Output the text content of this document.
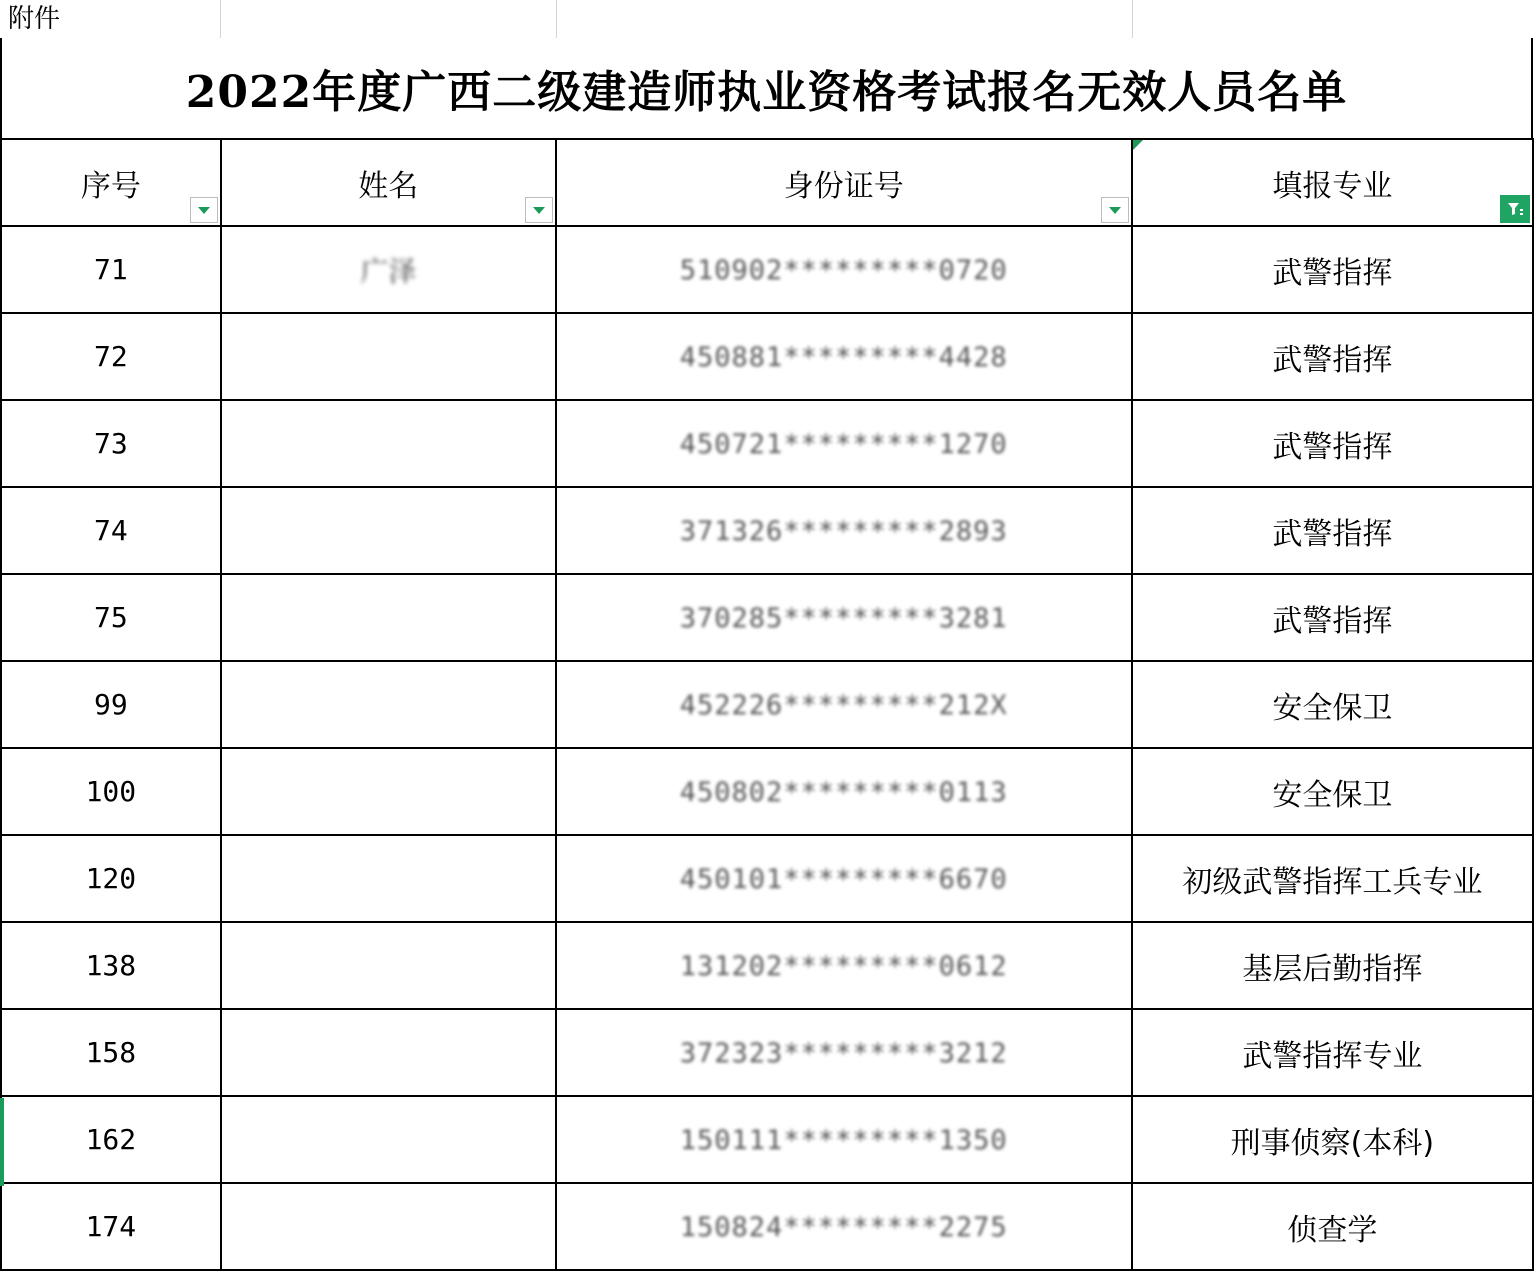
附件
2022年度广西二级建造师执业资格考试报名无效人员名单
序号	姓名	身份证号	填报专业

71	广泽	510902*********0720	武警指挥
72		450881*********4428	武警指挥
73		450721*********1270	武警指挥
74		371326*********2893	武警指挥
75		370285*********3281	武警指挥
99		452226*********212X	安全保卫
100		450802*********0113	安全保卫
120		450101*********6670	初级武警指挥工兵专业
138		131202*********0612	基层后勤指挥
158		372323*********3212	武警指挥专业
162		150111*********1350	刑事侦察(本科)
174		150824*********2275	侦查学
